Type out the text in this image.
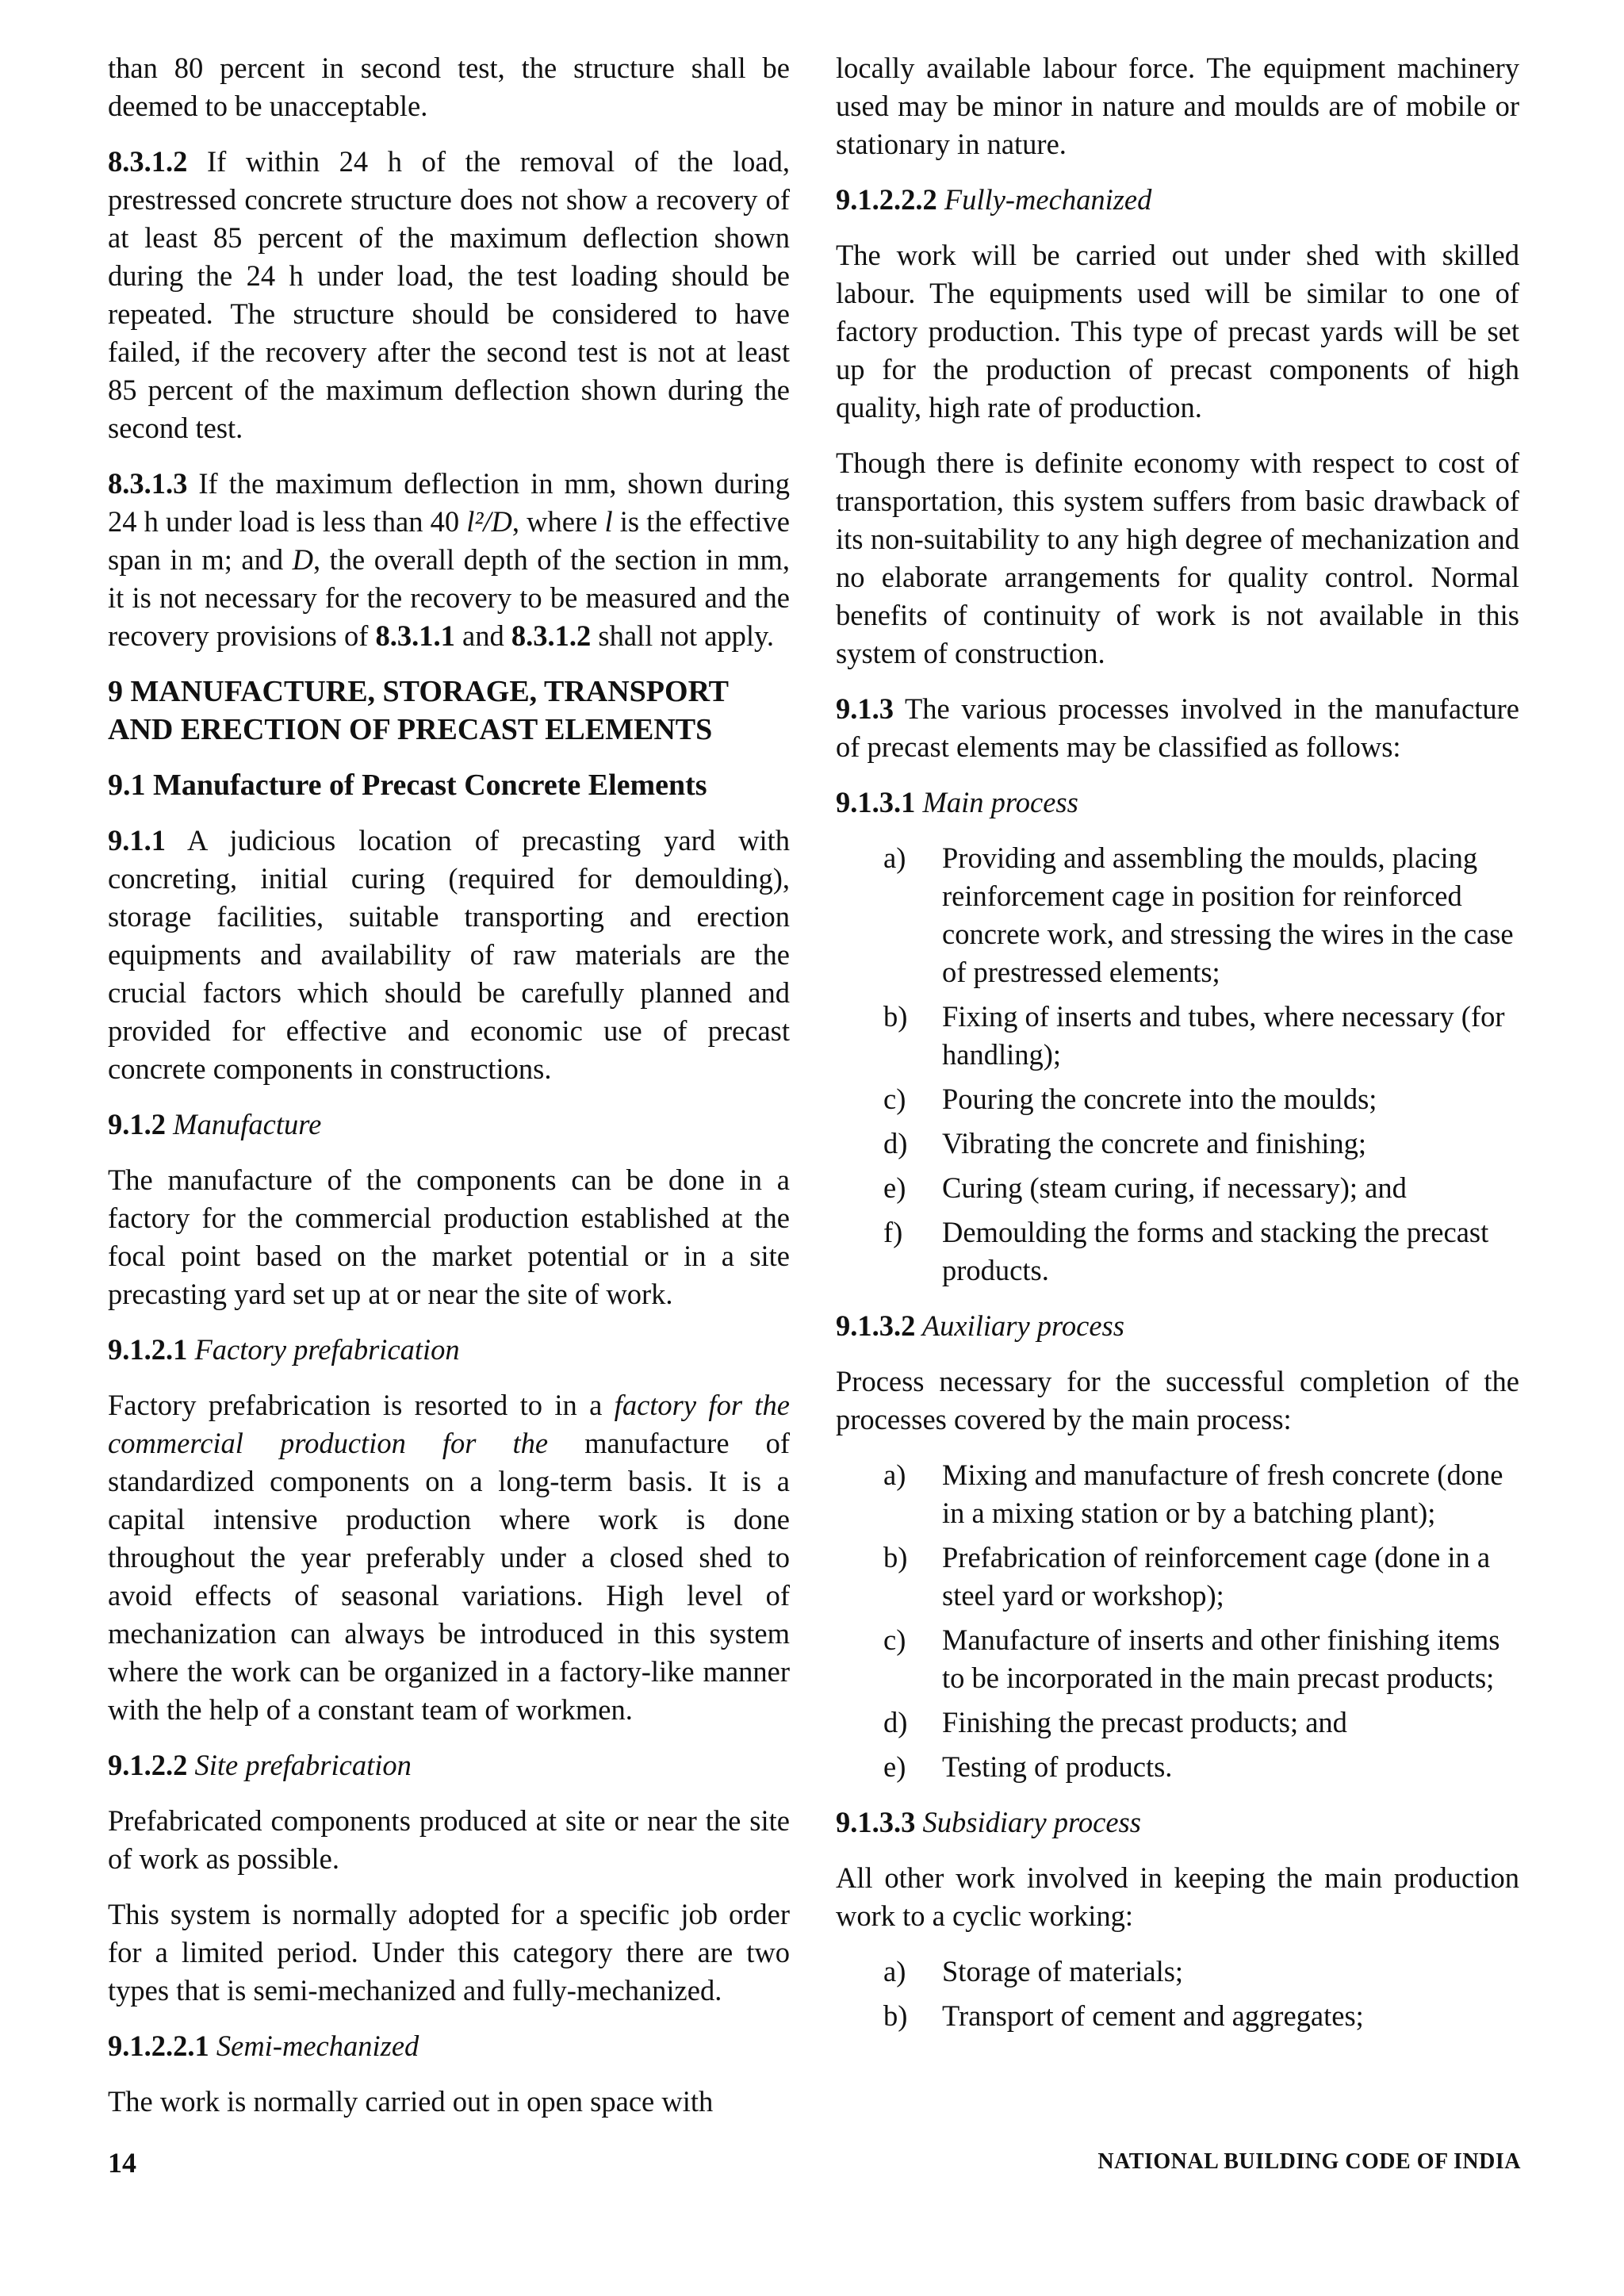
than 80 percent in second test, the structure shall be deemed to be unacceptable.

8.3.1.2 If within 24 h of the removal of the load, prestressed concrete structure does not show a recovery of at least 85 percent of the maximum deflection shown during the 24 h under load, the test loading should be repeated. The structure should be considered to have failed, if the recovery after the second test is not at least 85 percent of the maximum deflection shown during the second test.

8.3.1.3 If the maximum deflection in mm, shown during 24 h under load is less than 40 l²/D, where l is the effective span in m; and D, the overall depth of the section in mm, it is not necessary for the recovery to be measured and the recovery provisions of 8.3.1.1 and 8.3.1.2 shall not apply.

9 MANUFACTURE, STORAGE, TRANSPORT AND ERECTION OF PRECAST ELEMENTS

9.1 Manufacture of Precast Concrete Elements

9.1.1 A judicious location of precasting yard with concreting, initial curing (required for demoulding), storage facilities, suitable transporting and erection equipments and availability of raw materials are the crucial factors which should be carefully planned and provided for effective and economic use of precast concrete components in constructions.

9.1.2 Manufacture

The manufacture of the components can be done in a factory for the commercial production established at the focal point based on the market potential or in a site precasting yard set up at or near the site of work.

9.1.2.1 Factory prefabrication

Factory prefabrication is resorted to in a factory for the commercial production for the manufacture of standardized components on a long-term basis. It is a capital intensive production where work is done throughout the year preferably under a closed shed to avoid effects of seasonal variations. High level of mechanization can always be introduced in this system where the work can be organized in a factory-like manner with the help of a constant team of workmen.

9.1.2.2 Site prefabrication

Prefabricated components produced at site or near the site of work as possible.

This system is normally adopted for a specific job order for a limited period. Under this category there are two types that is semi-mechanized and fully-mechanized.

9.1.2.2.1 Semi-mechanized

The work is normally carried out in open space with

locally available labour force. The equipment machinery used may be minor in nature and moulds are of mobile or stationary in nature.

9.1.2.2.2 Fully-mechanized

The work will be carried out under shed with skilled labour. The equipments used will be similar to one of factory production. This type of precast yards will be set up for the production of precast components of high quality, high rate of production.

Though there is definite economy with respect to cost of transportation, this system suffers from basic drawback of its non-suitability to any high degree of mechanization and no elaborate arrangements for quality control. Normal benefits of continuity of work is not available in this system of construction.

9.1.3 The various processes involved in the manufacture of precast elements may be classified as follows:

9.1.3.1 Main process

a)	Providing and assembling the moulds, placing reinforcement cage in position for reinforced concrete work, and stressing the wires in the case of prestressed elements;
b)	Fixing of inserts and tubes, where necessary (for handling);
c)	Pouring the concrete into the moulds;
d)	Vibrating the concrete and finishing;
e)	Curing (steam curing, if necessary); and
f)	Demoulding the forms and stacking the precast products.

9.1.3.2 Auxiliary process

Process necessary for the successful completion of the processes covered by the main process:

a)	Mixing and manufacture of fresh concrete (done in a mixing station or by a batching plant);
b)	Prefabrication of reinforcement cage (done in a steel yard or workshop);
c)	Manufacture of inserts and other finishing items to be incorporated in the main precast products;
d)	Finishing the precast products; and
e)	Testing of products.

9.1.3.3 Subsidiary process

All other work involved in keeping the main production work to a cyclic working:

a)	Storage of materials;
b)	Transport of cement and aggregates;
14	NATIONAL BUILDING CODE OF INDIA
